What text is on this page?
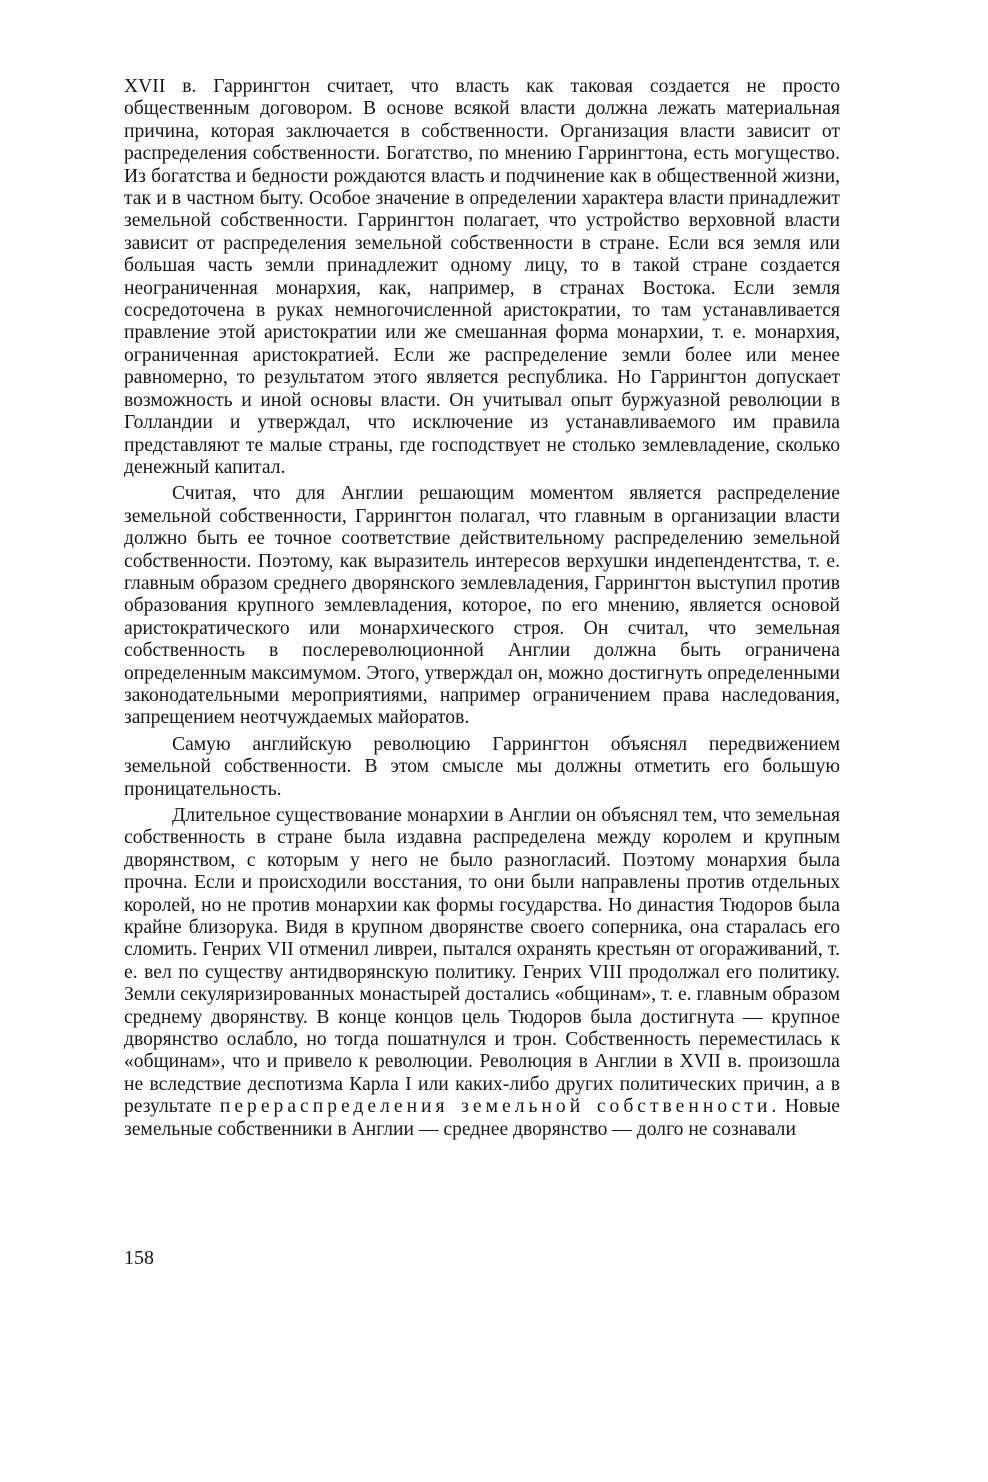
XVII в. Гаррингтон считает, что власть как таковая создается не просто общественным договором. В основе всякой власти должна лежать материальная причина, которая заключается в собственности. Организация власти зависит от распределения собственности. Богатство, по мнению Гаррингтона, есть могущество. Из богатства и бедности рождаются власть и подчинение как в общественной жизни, так и в частном быту. Особое значение в определении характера власти принадлежит земельной собственности. Гаррингтон полагает, что устройство верховной власти зависит от распределения земельной собственности в стране. Если вся земля или большая часть земли принадлежит одному лицу, то в такой стране создается неограниченная монархия, как, например, в странах Востока. Если земля сосредоточена в руках немногочисленной аристократии, то там устанавливается правление этой аристократии или же смешанная форма монархии, т. е. монархия, ограниченная аристократией. Если же распределение земли более или менее равномерно, то результатом этого является республика. Но Гаррингтон допускает возможность и иной основы власти. Он учитывал опыт буржуазной революции в Голландии и утверждал, что исключение из устанавливаемого им правила представляют те малые страны, где господствует не столько землевладение, сколько денежный капитал.

Считая, что для Англии решающим моментом является распределение земельной собственности, Гаррингтон полагал, что главным в организации власти должно быть ее точное соответствие действительному распределению земельной собственности. Поэтому, как выразитель интересов верхушки индепендентства, т. е. главным образом среднего дворянского землевладения, Гаррингтон выступил против образования крупного землевладения, которое, по его мнению, является основой аристократического или монархического строя. Он считал, что земельная собственность в послереволюционной Англии должна быть ограничена определенным максимумом. Этого, утверждал он, можно достигнуть определенными законодательными мероприятиями, например ограничением права наследования, запрещением неотчуждаемых майоратов.

Самую английскую революцию Гаррингтон объяснял передвижением земельной собственности. В этом смысле мы должны отметить его большую проницательность.

Длительное существование монархии в Англии он объяснял тем, что земельная собственность в стране была издавна распределена между королем и крупным дворянством, с которым у него не было разногласий. Поэтому монархия была прочна. Если и происходили восстания, то они были направлены против отдельных королей, но не против монархии как формы государства. Но династия Тюдоров была крайне близорука. Видя в крупном дворянстве своего соперника, она старалась его сломить. Генрих VII отменил ливреи, пытался охранять крестьян от огораживаний, т. е. вел по существу антидворянскую политику. Генрих VIII продолжал его политику. Земли секуляризированных монастырей достались «общинам», т. е. главным образом среднему дворянству. В конце концов цель Тюдоров была достигнута — крупное дворянство ослабло, но тогда пошатнулся и трон. Собственность переместилась к «общинам», что и привело к революции. Революция в Англии в XVII в. произошла не вследствие деспотизма Карла I или каких-либо других политических причин, а в результате перераспределения земельной собственности. Новые земельные собственники в Англии — среднее дворянство — долго не сознавали

158
